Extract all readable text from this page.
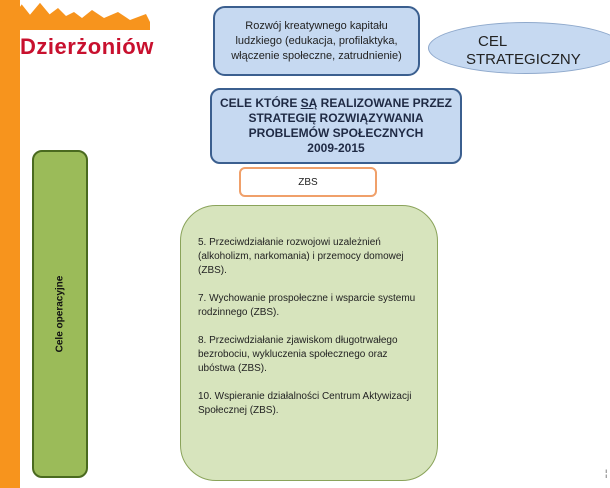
Dzierżoniów
Rozwój kreatywnego kapitału ludzkiego (edukacja, profilaktyka, włączenie społeczne, zatrudnienie)
CEL
STRATEGICZNY
CELE KTÓRE SĄ REALIZOWANE PRZEZ
STRATEGIĘ ROZWIĄZYWANIA
PROBLEMÓW SPOŁECZNYCH
2009-2015
ZBS
Cele operacyjne

5. Przeciwdziałanie rozwojowi uzależnień (alkoholizm, narkomania) i przemocy domowej (ZBS).

7. Wychowanie prospołeczne i wsparcie systemu rodzinnego (ZBS).

8. Przeciwdziałanie zjawiskom długotrwałego bezrobociu, wykluczenia społecznego oraz ubóstwa (ZBS).

10. Wspieranie działalności Centrum Aktywizacji Społecznej (ZBS).

¦
